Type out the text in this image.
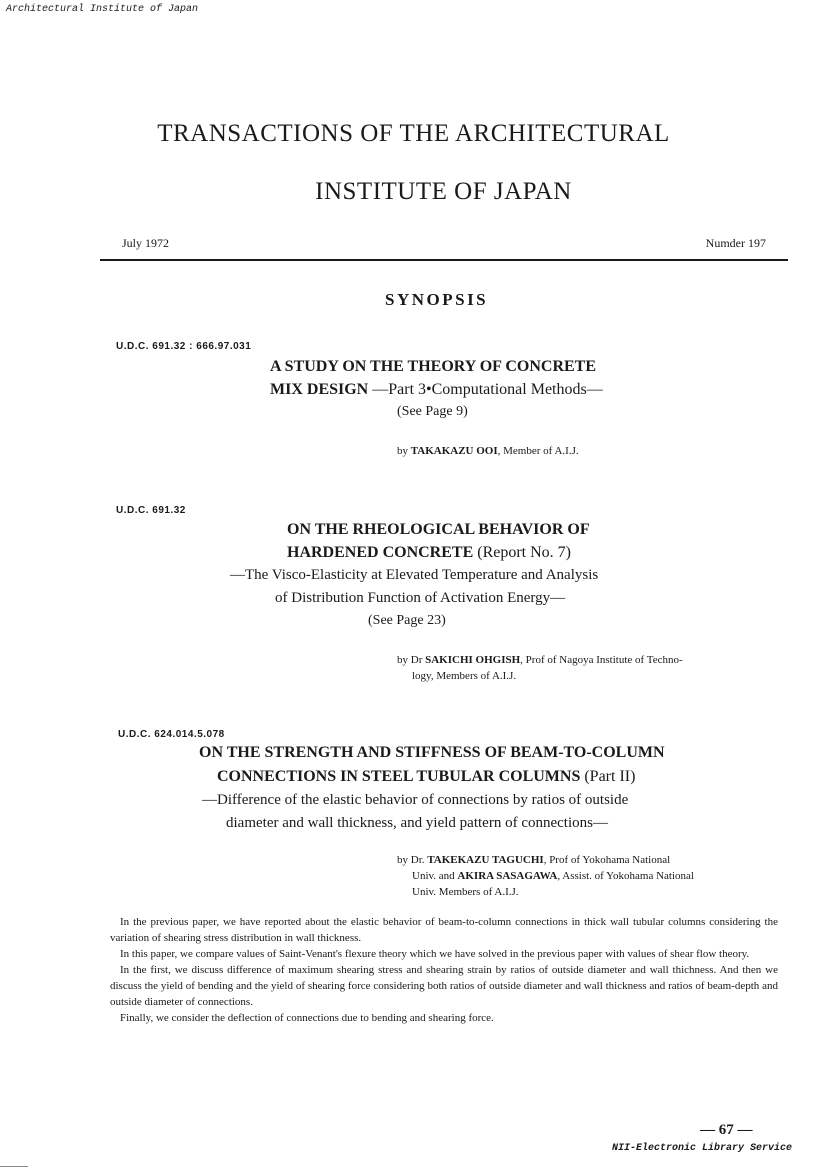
Architectural Institute of Japan
TRANSACTIONS OF THE ARCHITECTURAL
INSTITUTE OF JAPAN
July 1972	Numder 197
SYNOPSIS
U.D.C. 691.32 : 666.97.031
A STUDY ON THE THEORY OF CONCRETE
MIX DESIGN —Part 3•Computational Methods—
(See Page 9)
by TAKAKAZU OOI, Member of A.I.J.
U.D.C. 691.32
ON THE RHEOLOGICAL BEHAVIOR OF
HARDENED CONCRETE (Report No. 7)
—The Visco-Elasticity at Elevated Temperature and Analysis
of Distribution Function of Activation Energy—
(See Page 23)
by Dr SAKICHI OHGISH, Prof of Nagoya Institute of Techno-
logy, Members of A.I.J.
U.D.C. 624.014.5.078
ON THE STRENGTH AND STIFFNESS OF BEAM-TO-COLUMN
CONNECTIONS IN STEEL TUBULAR COLUMNS (Part II)
—Difference of the elastic behavior of connections by ratios of outside
diameter and wall thickness, and yield pattern of connections—
by Dr. TAKEKAZU TAGUCHI, Prof of Yokohama National
Univ. and AKIRA SASAGAWA, Assist. of Yokohama National
Univ. Members of A.I.J.

In the previous paper, we have reported about the elastic behavior of beam-to-column connections in thick wall tubular columns considering the variation of shearing stress distribution in wall thickness.

In this paper, we compare values of Saint-Venant's flexure theory which we have solved in the previous paper with values of shear flow theory.

In the first, we discuss difference of maximum shearing stress and shearing strain by ratios of outside diameter and wall thichness. And then we discuss the yield of bending and the yield of shearing force considering both ratios of outside diameter and wall thickness and ratios of beam-depth and outside diameter of connections.

Finally, we consider the deflection of connections due to bending and shearing force.

— 67 —
NII-Electronic Library Service
